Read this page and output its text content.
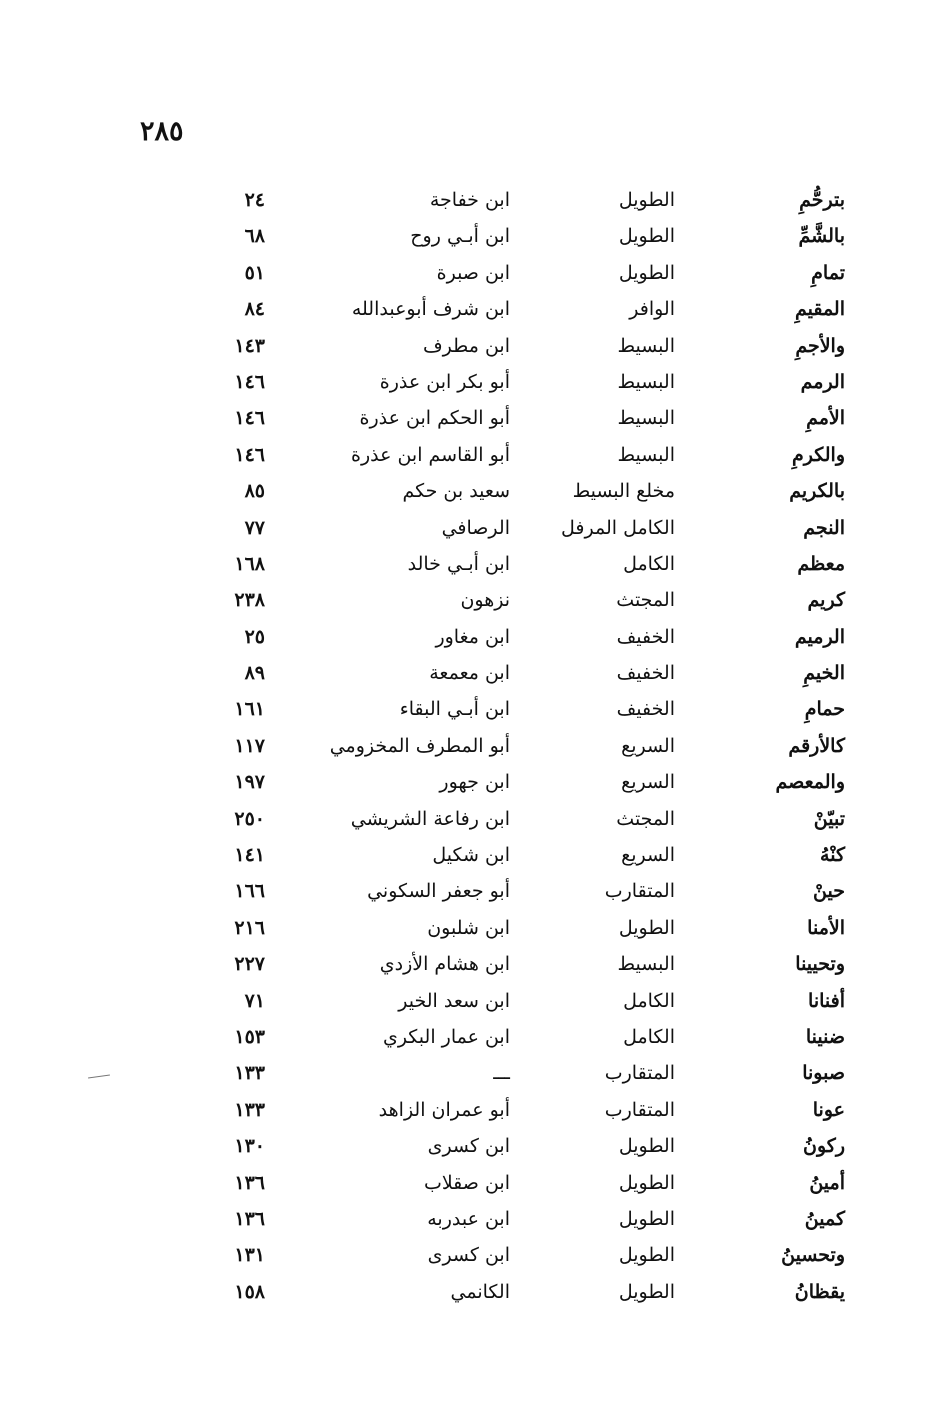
٢٨٥
بترحُّمِ
الطويل
ابن خفاجة
٢٤
بالشَّمِّ
الطويل
ابن أبـي روح
٦٨
تمامِ
الطويل
ابن صبرة
٥١
المقيمِ
الوافر
ابن شرف أبوعبدالله
٨٤
والأجمِ
البسيط
ابن مطرف
١٤٣
الرمم
البسيط
أبو بكر ابن عذرة
١٤٦
الأممِ
البسيط
أبو الحكم ابن عذرة
١٤٦
والكرمِ
البسيط
أبو القاسم ابن عذرة
١٤٦
بالكريم
مخلع البسيط
سعيد بن حكم
٨٥
النجم
الكامل المرفل
الرصافي
٧٧
معظم
الكامل
ابن أبـي خالد
١٦٨
كريم
المجتث
نزهون
٢٣٨
الرميم
الخفيف
ابن مغاور
٢٥
الخيمِ
الخفيف
ابن معمعة
٨٩
حمامِ
الخفيف
ابن أبـي البقاء
١٦١
كالأرقم
السريع
أبو المطرف المخزومي
١١٧
والمعصم
السريع
ابن جهور
١٩٧
تبيّنْ
المجتث
ابن رفاعة الشريشي
٢٥٠
كنْهُ
السريع
ابن شكيل
١٤١
حينْ
المتقارب
أبو جعفر السكوني
١٦٦
الأمنا
الطويل
ابن شلبون
٢١٦
وتحيينا
البسيط
ابن هشام الأزدي
٢٢٧
أفنانا
الكامل
ابن سعد الخير
٧١
ضنينا
الكامل
ابن عمار البكري
١٥٣
صبونا
المتقارب
ـــ
١٣٣
عونا
المتقارب
أبو عمران الزاهد
١٣٣
ركونُ
الطويل
ابن كسرى
١٣٠
أمينُ
الطويل
ابن صقلاب
١٣٦
كمينُ
الطويل
ابن عبدربه
١٣٦
وتحسينُ
الطويل
ابن كسرى
١٣١
يقظانُ
الطويل
الكانمي
١٥٨
